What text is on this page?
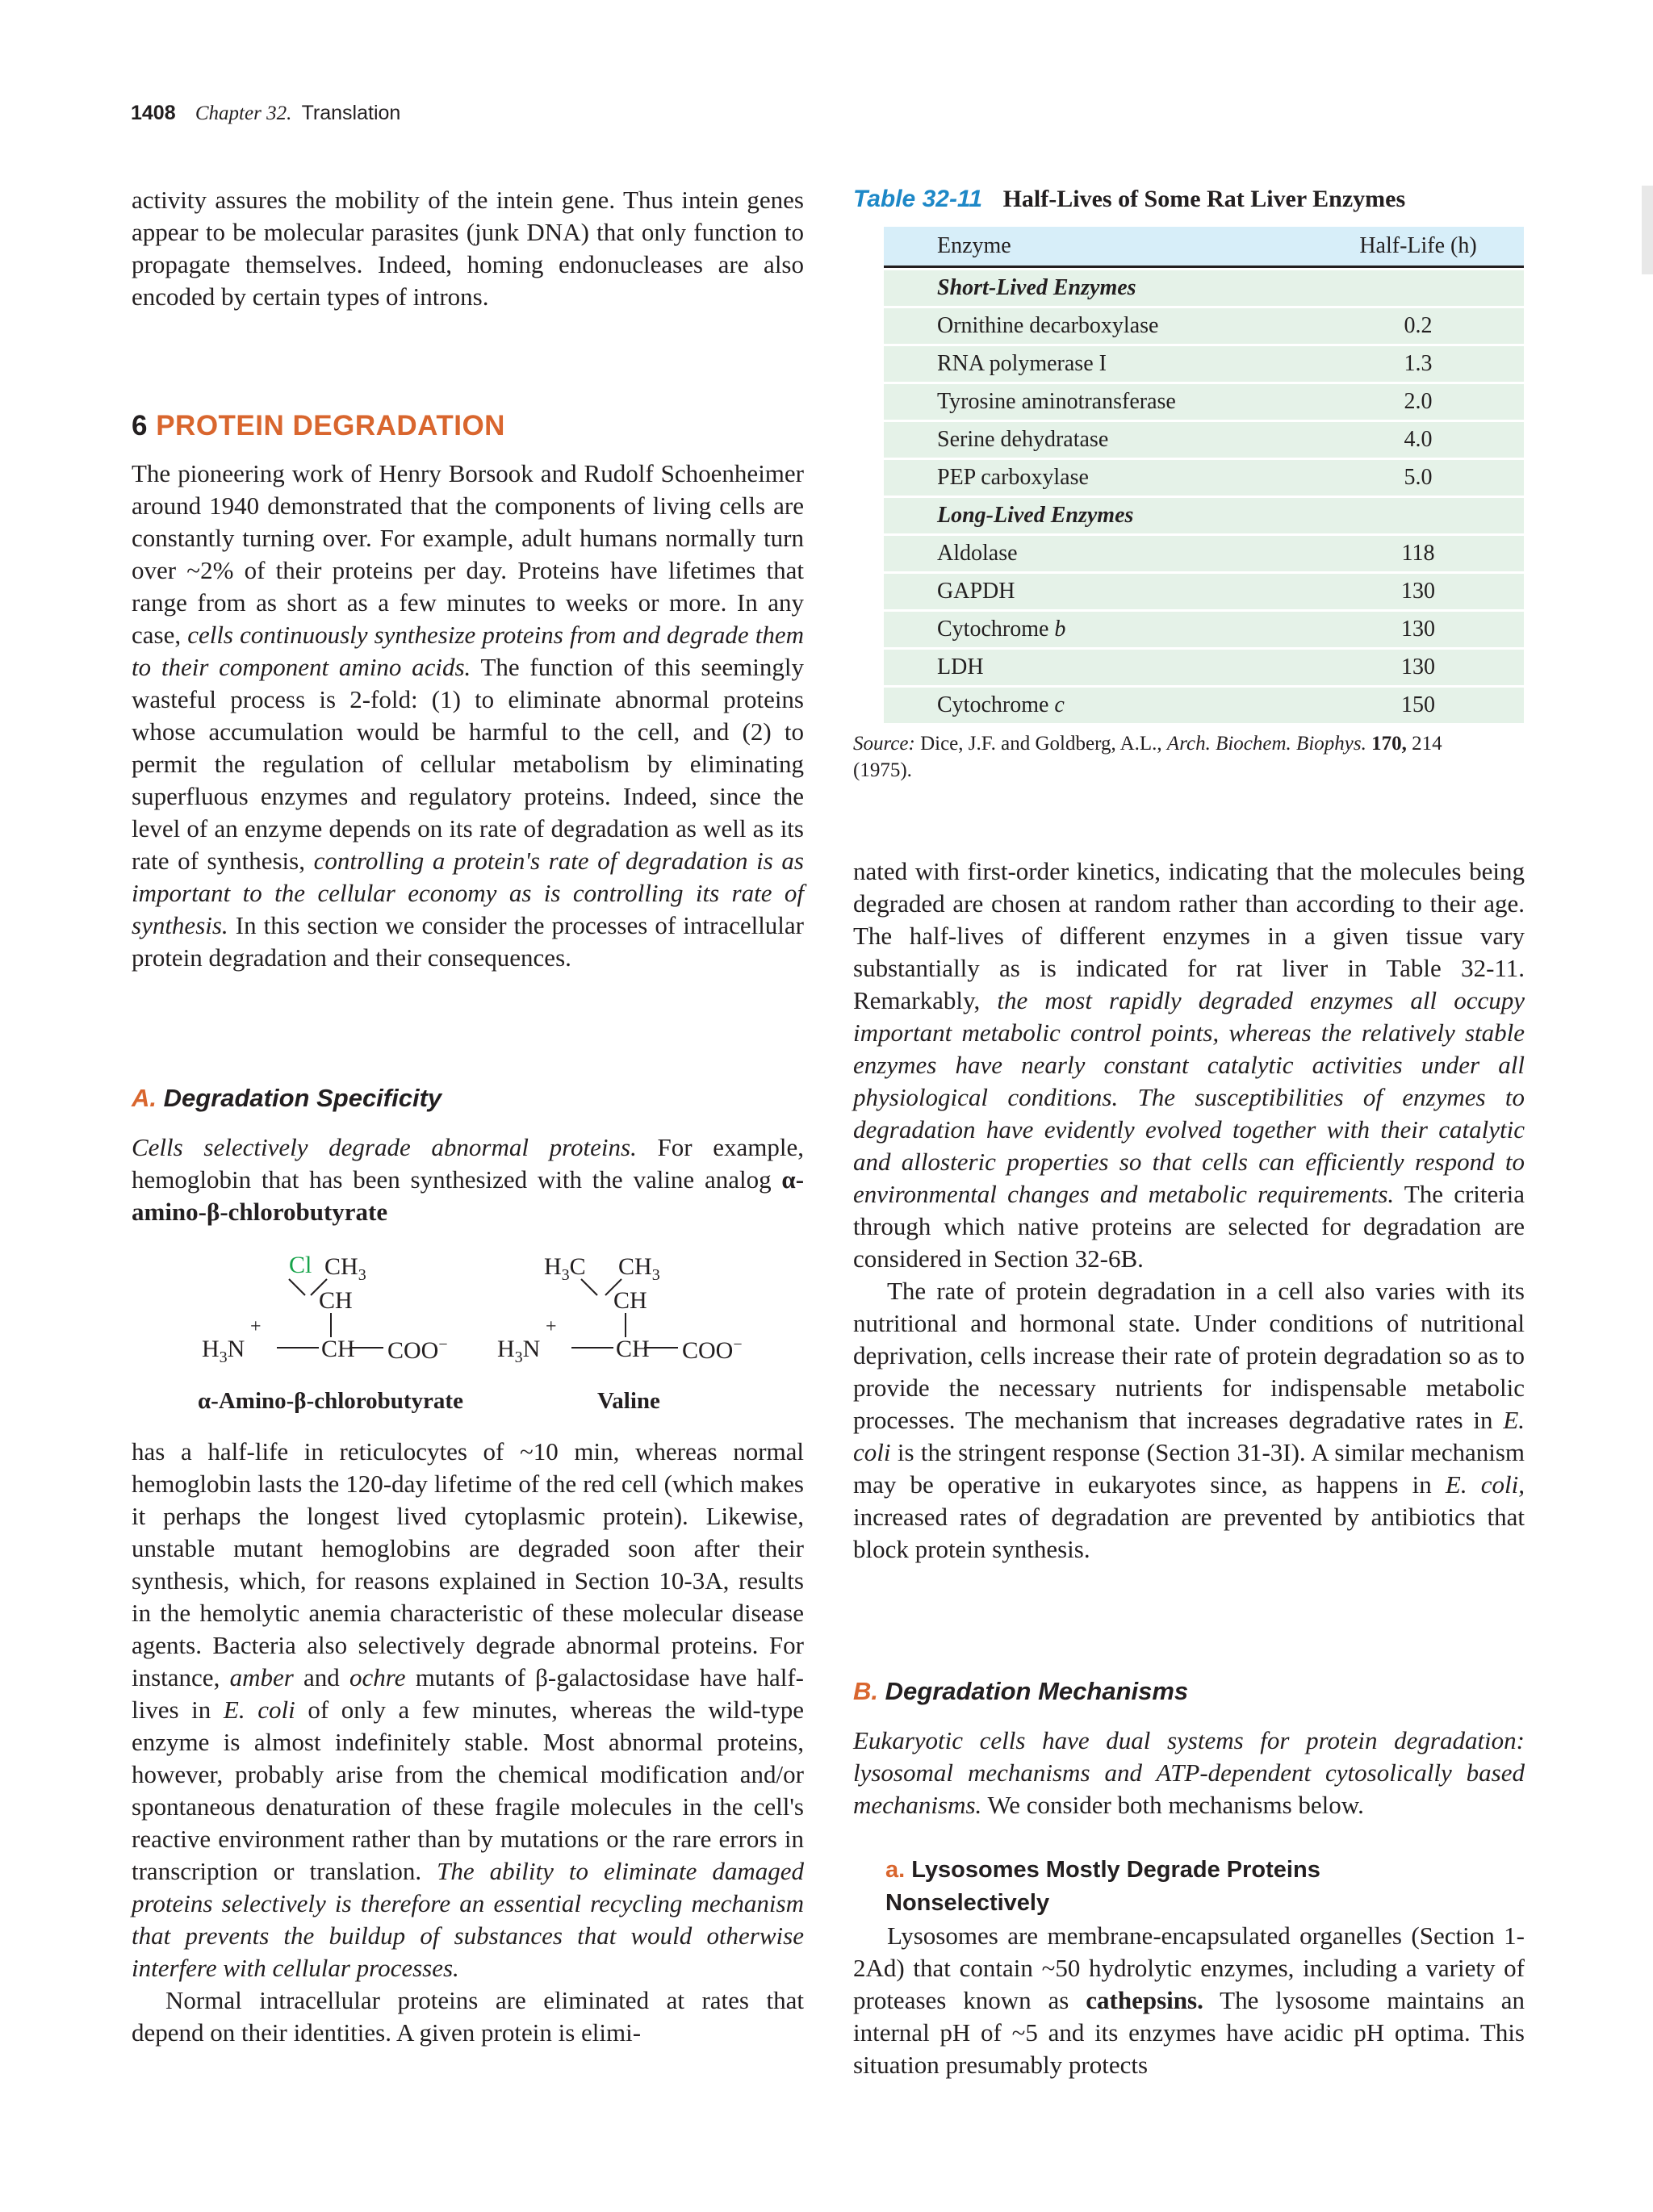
1408 Chapter 32. Translation

activity assures the mobility of the intein gene. Thus intein genes appear to be molecular parasites (junk DNA) that only function to propagate themselves. Indeed, homing endonucleases are also encoded by certain types of introns.

6 PROTEIN DEGRADATION

The pioneering work of Henry Borsook and Rudolf Schoenheimer around 1940 demonstrated that the components of living cells are constantly turning over. For example, adult humans normally turn over ~2% of their proteins per day. Proteins have lifetimes that range from as short as a few minutes to weeks or more. In any case, cells continuously synthesize proteins from and degrade them to their component amino acids. The function of this seemingly wasteful process is 2-fold: (1) to eliminate abnormal proteins whose accumulation would be harmful to the cell, and (2) to permit the regulation of cellular metabolism by eliminating superfluous enzymes and regulatory proteins. Indeed, since the level of an enzyme depends on its rate of degradation as well as its rate of synthesis, controlling a protein's rate of degradation is as important to the cellular economy as is controlling its rate of synthesis. In this section we consider the processes of intracellular protein degradation and their consequences.

A. Degradation Specificity

Cells selectively degrade abnormal proteins. For example, hemoglobin that has been synthesized with the valine analog α-amino-β-chlorobutyrate

Cl $CH_3$
CH
+
$H_3N$	CH COO−
$H_3C$ $CH_3$
CH
+
$H_3N$	CH COO−
α-Amino-β-chlorobutyrate	Valine

has a half-life in reticulocytes of ~10 min, whereas normal hemoglobin lasts the 120-day lifetime of the red cell (which makes it perhaps the longest lived cytoplasmic protein). Likewise, unstable mutant hemoglobins are degraded soon after their synthesis, which, for reasons explained in Section 10-3A, results in the hemolytic anemia characteristic of these molecular disease agents. Bacteria also selectively degrade abnormal proteins. For instance, amber and ochre mutants of β-galactosidase have half-lives in E. coli of only a few minutes, whereas the wild-type enzyme is almost indefinitely stable. Most abnormal proteins, however, probably arise from the chemical modification and/or spontaneous denaturation of these fragile molecules in the cell's reactive environment rather than by mutations or the rare errors in transcription or translation. The ability to eliminate damaged proteins selectively is therefore an essential recycling mechanism that prevents the buildup of substances that would otherwise interfere with cellular processes.

Normal intracellular proteins are eliminated at rates that depend on their identities. A given protein is elimi-

Table 32-11 Half-Lives of Some Rat Liver Enzymes
Enzyme	Half-Life (h)
Short-Lived Enzymes	
Ornithine decarboxylase	0.2
RNA polymerase I	1.3
Tyrosine aminotransferase	2.0
Serine dehydratase	4.0
PEP carboxylase	5.0
Long-Lived Enzymes	
Aldolase	118
GAPDH	130
Cytochrome b	130
LDH	130
Cytochrome c	150
Source: Dice, J.F. and Goldberg, A.L., Arch. Biochem. Biophys. 170, 214 (1975).

nated with first-order kinetics, indicating that the molecules being degraded are chosen at random rather than according to their age. The half-lives of different enzymes in a given tissue vary substantially as is indicated for rat liver in Table 32-11. Remarkably, the most rapidly degraded enzymes all occupy important metabolic control points, whereas the relatively stable enzymes have nearly constant catalytic activities under all physiological conditions. The susceptibilities of enzymes to degradation have evidently evolved together with their catalytic and allosteric properties so that cells can efficiently respond to environmental changes and metabolic requirements. The criteria through which native proteins are selected for degradation are considered in Section 32-6B.

The rate of protein degradation in a cell also varies with its nutritional and hormonal state. Under conditions of nutritional deprivation, cells increase their rate of protein degradation so as to provide the necessary nutrients for indispensable metabolic processes. The mechanism that increases degradative rates in E. coli is the stringent response (Section 31-3I). A similar mechanism may be operative in eukaryotes since, as happens in E. coli, increased rates of degradation are prevented by antibiotics that block protein synthesis.

B. Degradation Mechanisms

Eukaryotic cells have dual systems for protein degradation: lysosomal mechanisms and ATP-dependent cytosolically based mechanisms. We consider both mechanisms below.

a. Lysosomes Mostly Degrade Proteins
Nonselectively

Lysosomes are membrane-encapsulated organelles (Section 1-2Ad) that contain ~50 hydrolytic enzymes, including a variety of proteases known as cathepsins. The lysosome maintains an internal pH of ~5 and its enzymes have acidic pH optima. This situation presumably protects
